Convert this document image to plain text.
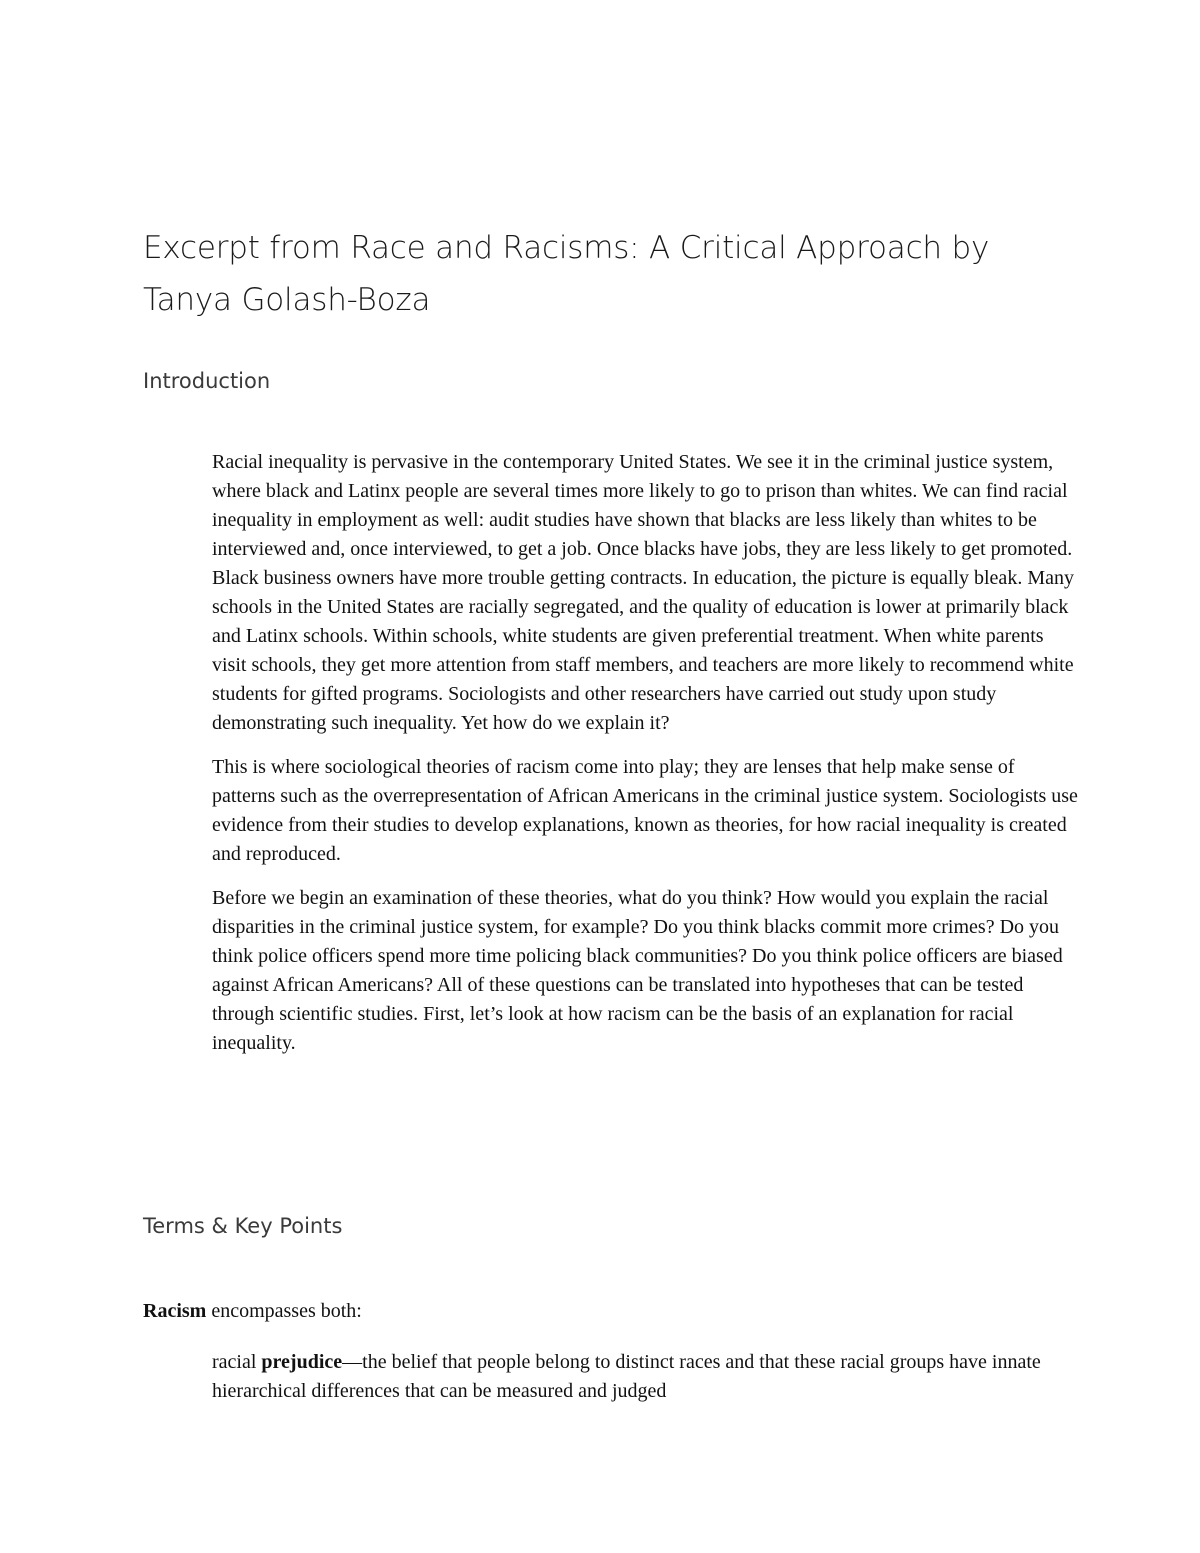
Excerpt from Race and Racisms: A Critical Approach by Tanya Golash-Boza
Introduction

Racial inequality is pervasive in the contemporary United States. We see it in the criminal justice system, where black and Latinx people are several times more likely to go to prison than whites. We can find racial inequality in employment as well: audit studies have shown that blacks are less likely than whites to be interviewed and, once interviewed, to get a job. Once blacks have jobs, they are less likely to get promoted. Black business owners have more trouble getting contracts. In education, the picture is equally bleak. Many schools in the United States are racially segregated, and the quality of education is lower at primarily black and Latinx schools. Within schools, white students are given preferential treatment. When white parents visit schools, they get more attention from staff members, and teachers are more likely to recommend white students for gifted programs. Sociologists and other researchers have carried out study upon study demonstrating such inequality. Yet how do we explain it?

This is where sociological theories of racism come into play; they are lenses that help make sense of patterns such as the overrepresentation of African Americans in the criminal justice system. Sociologists use evidence from their studies to develop explanations, known as theories, for how racial inequality is created and reproduced.

Before we begin an examination of these theories, what do you think? How would you explain the racial disparities in the criminal justice system, for example? Do you think blacks commit more crimes? Do you think police officers spend more time policing black communities? Do you think police officers are biased against African Americans? All of these questions can be translated into hypotheses that can be tested through scientific studies. First, let’s look at how racism can be the basis of an explanation for racial inequality.

Terms & Key Points

Racism encompasses both:

racial prejudice—the belief that people belong to distinct races and that these racial groups have innate hierarchical differences that can be measured and judged
